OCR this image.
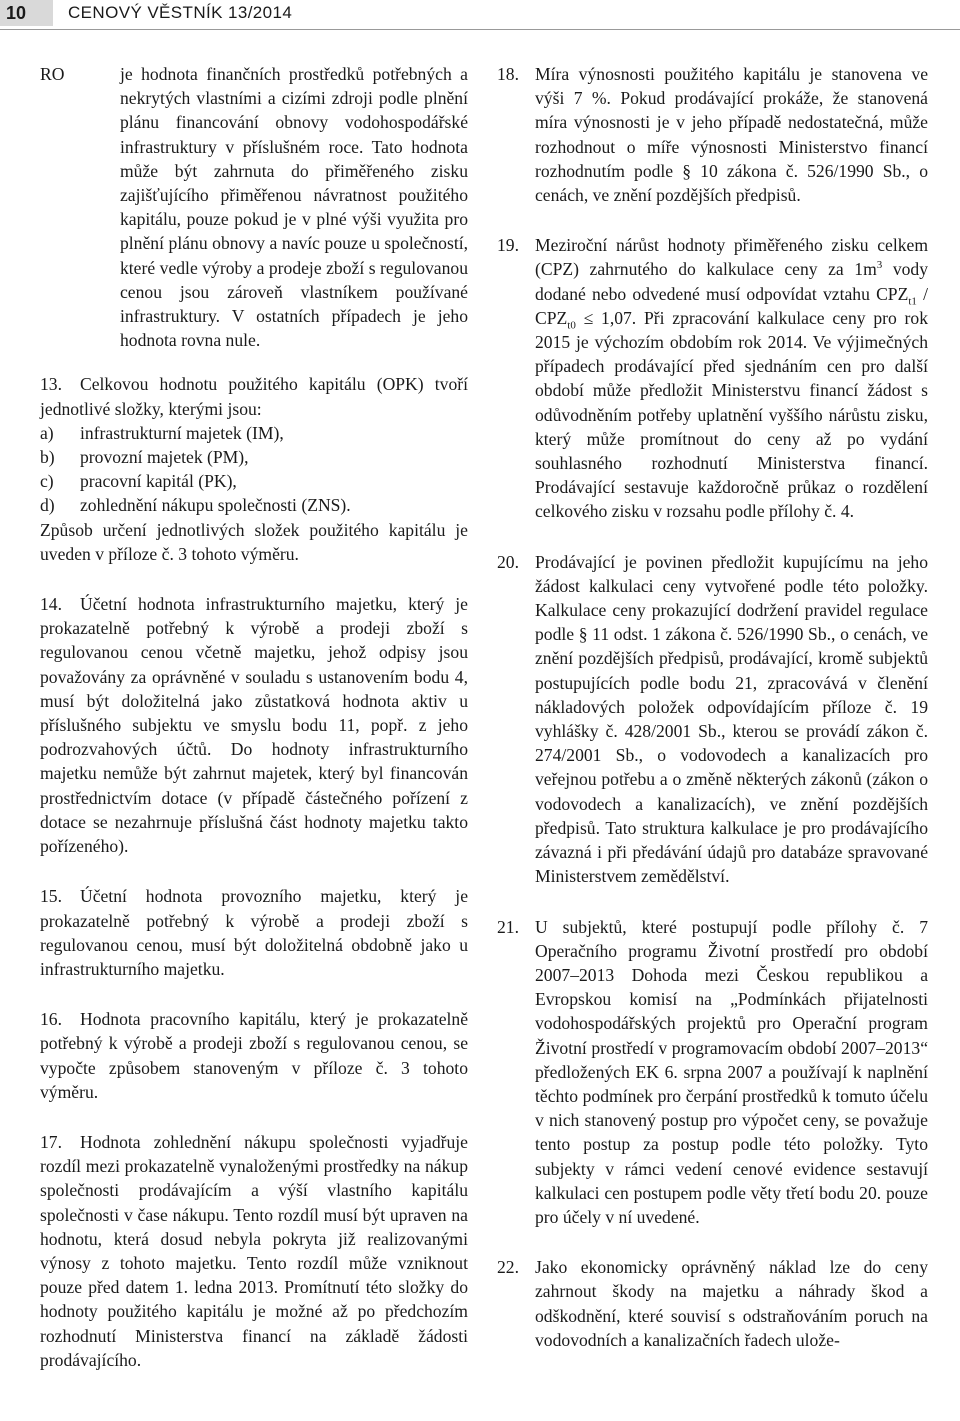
10	CENOVÝ VĚSTNÍK 13/2014
RO	je hodnota finančních prostředků potřebných a nekrytých vlastními a cizími zdroji podle plnění plánu financování obnovy vodohospodářské infrastruktury v příslušném roce. Tato hodnota může být zahrnuta do přiměřeného zisku zajišťujícího přiměřenou návratnost použitého kapitálu, pouze pokud je v plné výši využita pro plnění plánu obnovy a navíc pouze u společností, které vedle výroby a prodeje zboží s regulovanou cenou jsou zároveň vlastníkem používané infrastruktury. V ostatních případech je jeho hodnota rovna nule.
13.	Celkovou hodnotu použitého kapitálu (OPK) tvoří jednotlivé složky, kterými jsou:
a) infrastrukturní majetek (IM),
b) provozní majetek (PM),
c) pracovní kapitál (PK),
d) zohlednění nákupu společnosti (ZNS).
Způsob určení jednotlivých složek použitého kapitálu je uveden v příloze č. 3 tohoto výměru.
14.	Účetní hodnota infrastrukturního majetku, který je prokazatelně potřebný k výrobě a prodeji zboží s regulovanou cenou včetně majetku, jehož odpisy jsou považovány za oprávněné v souladu s ustanovením bodu 4, musí být doložitelná jako zůstatková hodnota aktiv u příslušného subjektu ve smyslu bodu 11, popř. z jeho podrozvahových účtů. Do hodnoty infrastrukturního majetku nemůže být zahrnut majetek, který byl financován prostřednictvím dotace (v případě částečného pořízení z dotace se nezahrnuje příslušná část hodnoty majetku takto pořízeného).
15.	Účetní hodnota provozního majetku, který je prokazatelně potřebný k výrobě a prodeji zboží s regulovanou cenou, musí být doložitelná obdobně jako u infrastrukturního majetku.
16.	Hodnota pracovního kapitálu, který je prokazatelně potřebný k výrobě a prodeji zboží s regulovanou cenou, se vypočte způsobem stanoveným v příloze č. 3 tohoto výměru.
17.	Hodnota zohlednění nákupu společnosti vyjadřuje rozdíl mezi prokazatelně vynaloženými prostředky na nákup společnosti prodávajícím a výší vlastního kapitálu společnosti v čase nákupu. Tento rozdíl musí být upraven na hodnotu, která dosud nebyla pokryta již realizovanými výnosy z tohoto majetku. Tento rozdíl může vzniknout pouze před datem 1. ledna 2013. Promítnutí této složky do hodnoty použitého kapitálu je možné až po předchozím rozhodnutí Ministerstva financí na základě žádosti prodávajícího.
18. Míra výnosnosti použitého kapitálu je stanovena ve výši 7 %. Pokud prodávající prokáže, že stanovená míra výnosnosti je v jeho případě nedostatečná, může rozhodnout o míře výnosnosti Ministerstvo financí rozhodnutím podle § 10 zákona č. 526/1990 Sb., o cenách, ve znění pozdějších předpisů.
19. Meziroční nárůst hodnoty přiměřeného zisku celkem (CPZ) zahrnutého do kalkulace ceny za $1m^3$ vody dodané nebo odvedené musí odpovídat vztahu $CPZ_{t1} / CPZ_{t0} \le 1,07$. Při zpracování kalkulace ceny pro rok 2015 je výchozím obdobím rok 2014. Ve výjimečných případech prodávající před sjednáním cen pro další období může předložit Ministerstvu financí žádost s odůvodněním potřeby uplatnění vyššího nárůstu zisku, který může promítnout do ceny až po vydání souhlasného rozhodnutí Ministerstva financí. Prodávající sestavuje každoročně průkaz o rozdělení celkového zisku v rozsahu podle přílohy č. 4.
20. Prodávající je povinen předložit kupujícímu na jeho žádost kalkulaci ceny vytvořené podle této položky. Kalkulace ceny prokazující dodržení pravidel regulace podle § 11 odst. 1 zákona č. 526/1990 Sb., o cenách, ve znění pozdějších předpisů, prodávající, kromě subjektů postupujících podle bodu 21, zpracovává v členění nákladových položek odpovídajícím příloze č. 19 vyhlášky č. 428/2001 Sb., kterou se provádí zákon č. 274/2001 Sb., o vodovodech a kanalizacích pro veřejnou potřebu a o změně některých zákonů (zákon o vodovodech a kanalizacích), ve znění pozdějších předpisů. Tato struktura kalkulace je pro prodávajícího závazná i při předávání údajů pro databáze spravované Ministerstvem zemědělství.
21. U subjektů, které postupují podle přílohy č. 7 Operačního programu Životní prostředí pro období 2007–2013 Dohoda mezi Českou republikou a Evropskou komisí na „Podmínkách přijatelnosti vodohospodářských projektů pro Operační program Životní prostředí v programovacím období 2007–2013“ předložených EK 6. srpna 2007 a používají k naplnění těchto podmínek pro čerpání prostředků k tomuto účelu v nich stanovený postup pro výpočet ceny, se považuje tento postup za postup podle této položky. Tyto subjekty v rámci vedení cenové evidence sestavují kalkulaci cen postupem podle věty třetí bodu 20. pouze pro účely v ní uvedené.
22. Jako ekonomicky oprávněný náklad lze do ceny zahrnout škody na majetku a náhrady škod a odškodnění, které souvisí s odstraňováním poruch na vodovodních a kanalizačních řadech ulože-
